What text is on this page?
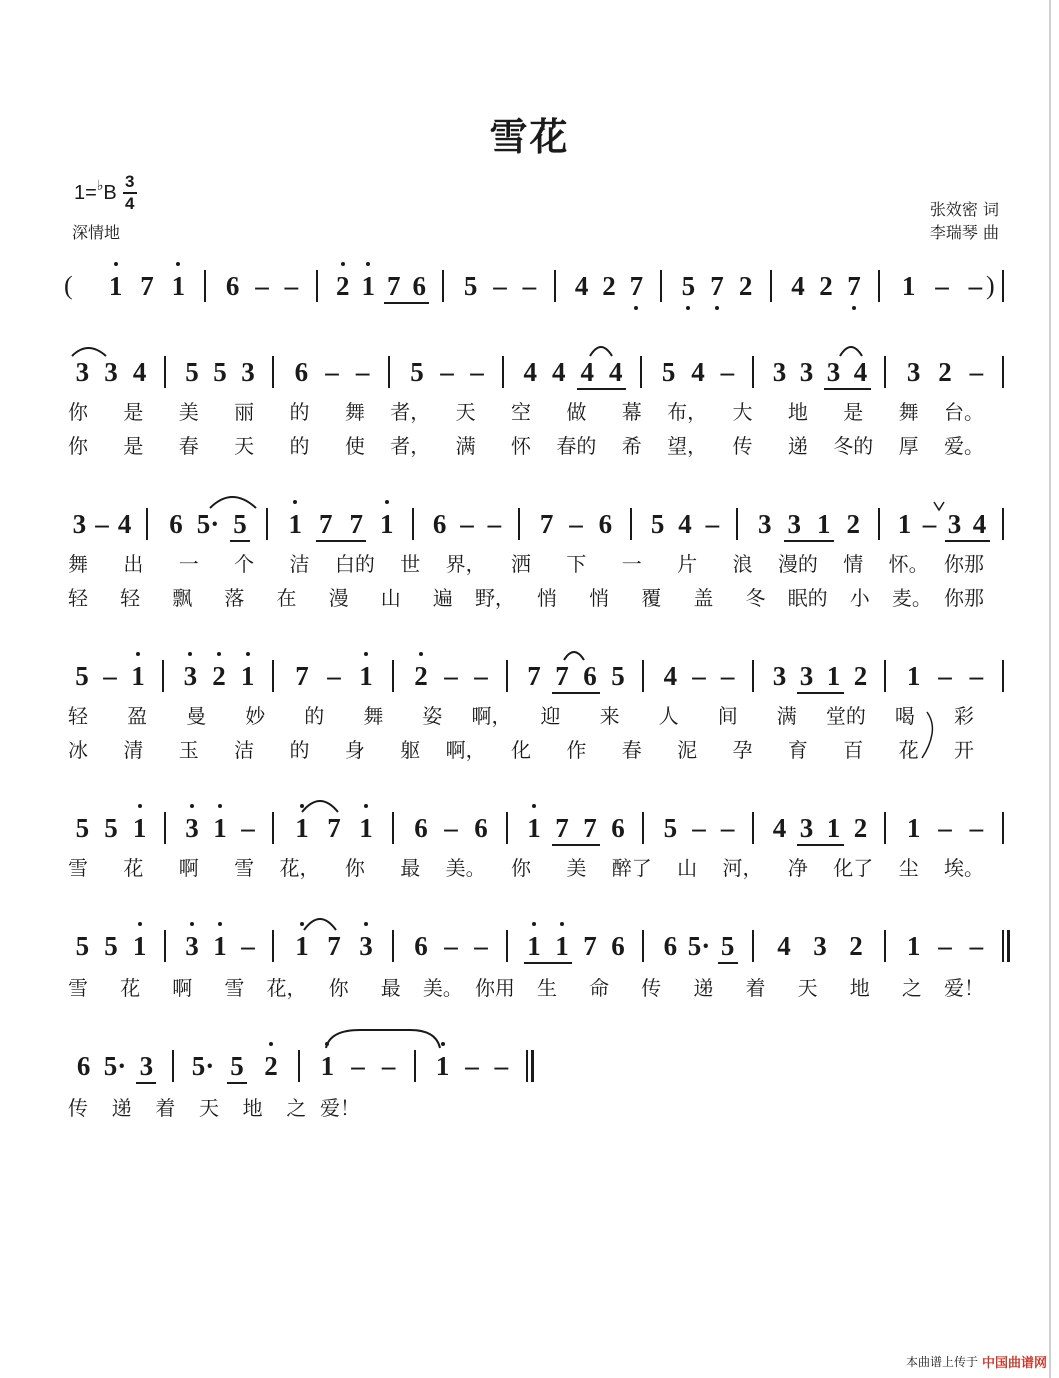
雪花
1= ♭ B $\frac{3}{4}$
深情地
张效密 词
李瑞琴 曲
1 7 1 6 – – 2 1 7 6 5 – – 4 2 7 5 7 2 4 2 7 1 – –
(	)
3 3 4 5 5 3 6 – – 5 – – 4 4 4 4 5 4 – 3 3 3 4 3 2 –
3 – 4 6 5· 5 1 7 7 1 6 – – 7 – 6 5 4 – 3 3 1 2 1 – 3 4
5 – 1 3 2 1 7 – 1 2 – – 7 7 6 5 4 – – 3 3 1 2 1 – –
5 5 1 3 1 – 1 7 1 6 – 6 1 7 7 6 5 – – 4 3 1 2 1 – –
5 5 1 3 1 – 1 7 3 6 – – 1 1 7 6 6 5· 5 4 3 2 1 – –
6 5· 3 5· 5 2 1 – – 1 – –
你 是 美 丽 的 舞 者， 天 空 做 幕 布， 大 地 是 舞 台。
你 是 春 天 的 使 者， 满 怀 春的 希 望， 传 递 冬的 厚 爱。
舞 出 一 个 洁 白的 世 界， 洒 下 一 片 浪 漫的 情 怀。 你那
轻 轻 飘 落 在 漫 山 遍 野， 悄 悄 覆 盖 冬 眠的 小 麦。 你那
轻 盈 曼 妙 的 舞 姿 啊， 迎 来 人 间 满 堂的 喝 彩
冰 清 玉 洁 的 身 躯 啊， 化 作 春 泥 孕 育 百 花 开
雪 花 啊 雪 花， 你 最 美。 你 美 醉了 山 河， 净 化了 尘 埃。
雪 花 啊 雪 花， 你 最 美。 你用 生 命 传 递 着 天 地 之 爱！
传 递 着 天 地 之 爱！
本曲谱上传于 中国曲谱网
